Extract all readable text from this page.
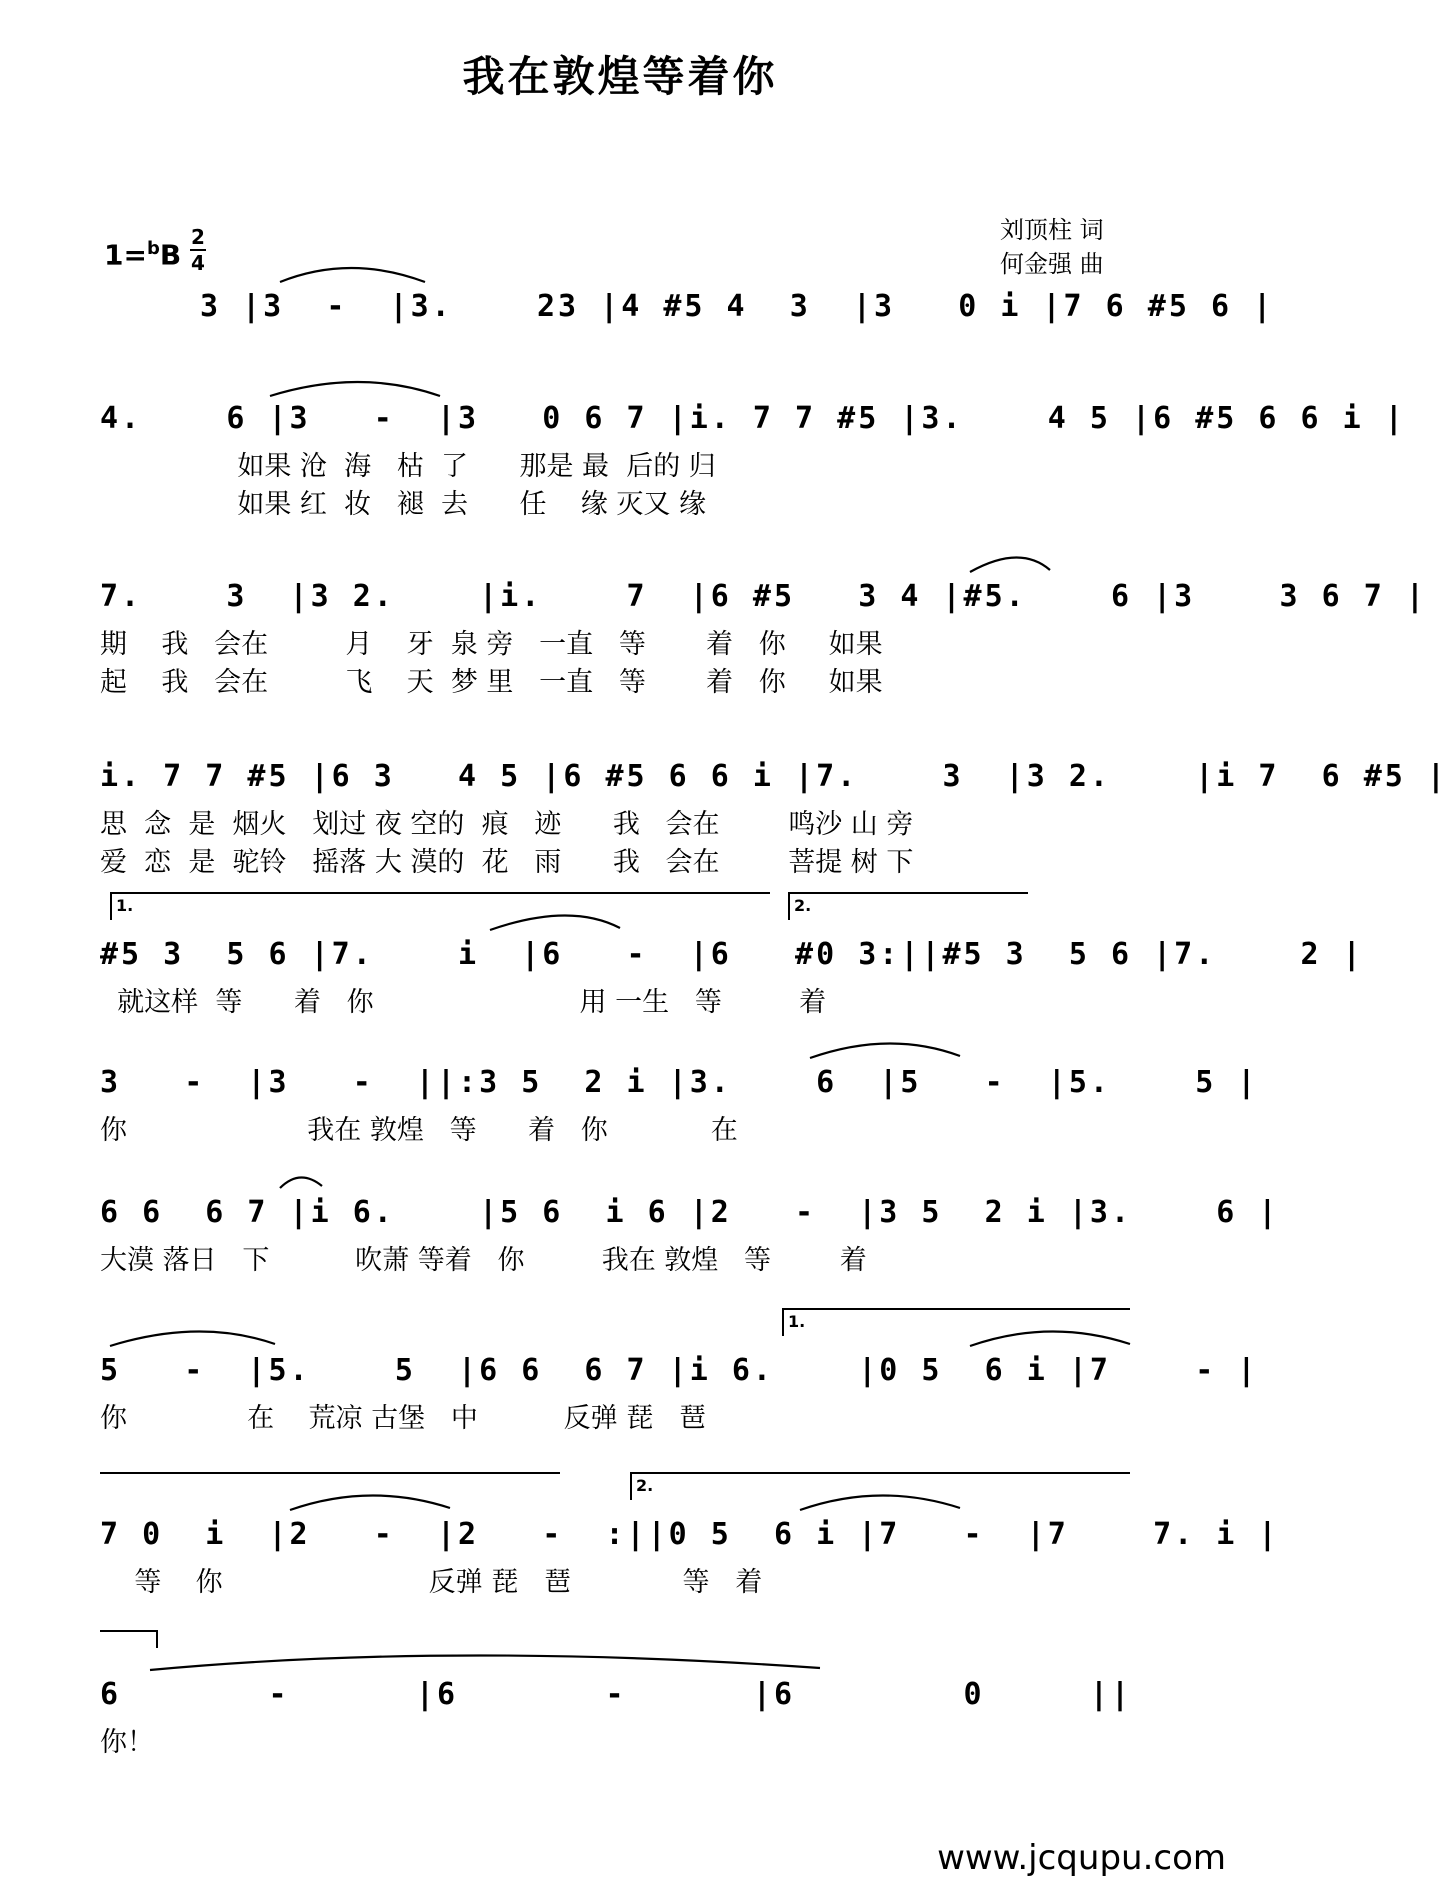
我在敦煌等着你
刘顶柱 词
何金强 曲
1=$^b$B
2
4
3 |3  -  |3.    23 |4 #5 4  3  |3   0 i |7 6 #5 6 |
4.    6 |3   -  |3   0 6 7 |i. 7 7 #5 |3.    4 5 |6 #5 6 6 i |
如果 沧  海   枯  了      那是 最  后的 归
如果 红  妆   褪  去      任    缘 灭又 缘
7.    3  |3 2.    |i.    7  |6 #5   3 4 |#5.    6 |3    3 6 7 |
期    我   会在         月    牙  泉 旁   一直   等       着   你     如果
起    我   会在         飞    天  梦 里   一直   等       着   你     如果
i. 7 7 #5 |6 3   4 5 |6 #5 6 6 i |7.    3  |3 2.    |i 7  6 #5 |
思  念  是  烟火   划过 夜 空的  痕   迹      我   会在        鸣沙 山 旁
爱  恋  是  驼铃   摇落 大 漠的  花   雨      我   会在        菩提 树 下
1.	2.
#5 3  5 6 |7.    i  |6   -  |6   #0 3:||#5 3  5 6 |7.    2 |
就这样  等      着   你                        用 一生   等         着
3   -  |3   -  ||:3 5  2 i |3.    6  |5   -  |5.    5 |
你                     我在 敦煌   等      着   你            在
6 6  6 7 |i 6.    |5 6  i 6 |2   -  |3 5  2 i |3.    6 |
大漠 落日   下          吹萧 等着   你         我在 敦煌   等        着
1.
5   -  |5.    5  |6 6  6 7 |i 6.    |0 5  6 i |7    - |
你              在    荒凉 古堡   中          反弹 琵   琶
2.
7 0  i  |2   -  |2   -  :||0 5  6 i |7   -  |7    7. i |
等    你                        反弹 琵   琶             等   着
6       -      |6       -      |6        0     ||
你！
www.jcqupu.com
